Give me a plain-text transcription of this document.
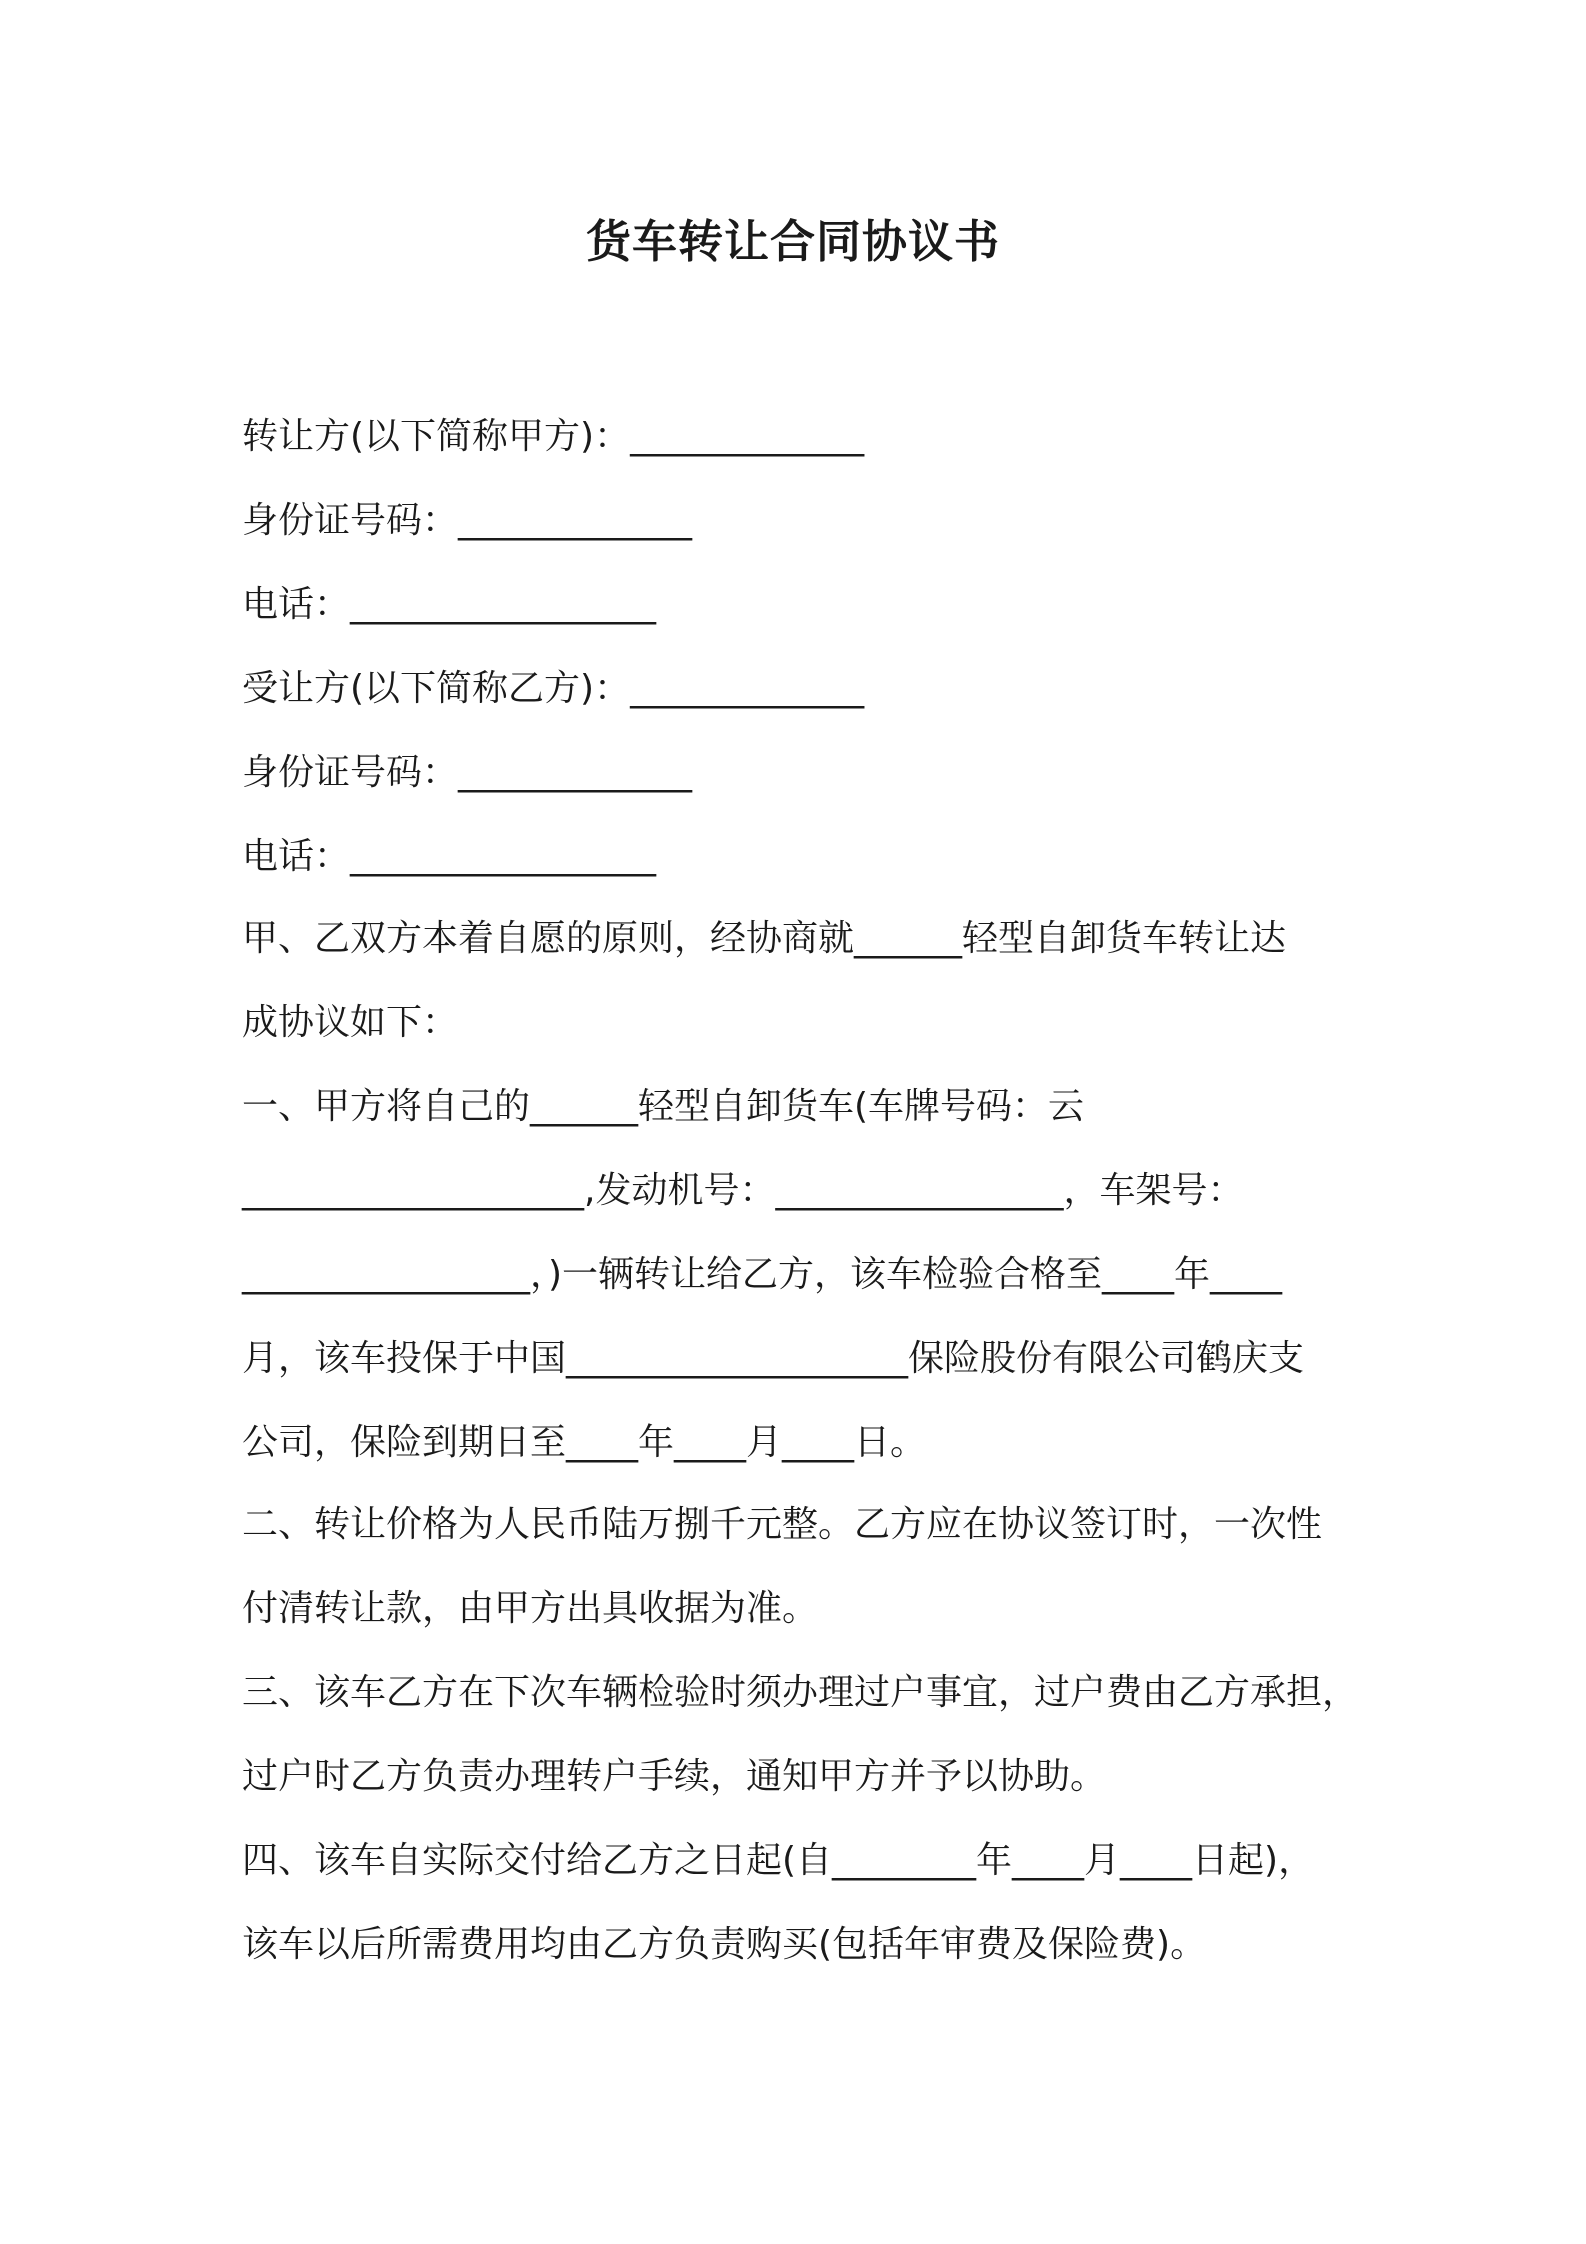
货车转让合同协议书
转让方(以下简称甲方)：_____________
身份证号码：_____________
电话：_________________
受让方(以下简称乙方)：_____________
身份证号码：_____________
电话：_________________
甲、乙双方本着自愿的原则，经协商就______轻型自卸货车转让达
成协议如下：
一、甲方将自己的______轻型自卸货车(车牌号码：云
___________________,发动机号：________________，车架号：
________________，)一辆转让给乙方，该车检验合格至____年____
月，该车投保于中国___________________保险股份有限公司鹤庆支
公司，保险到期日至____年____月____日。
二、转让价格为人民币陆万捌千元整。乙方应在协议签订时，一次性
付清转让款，由甲方出具收据为准。
三、该车乙方在下次车辆检验时须办理过户事宜，过户费由乙方承担，
过户时乙方负责办理转户手续，通知甲方并予以协助。
四、该车自实际交付给乙方之日起(自________年____月____日起)，
该车以后所需费用均由乙方负责购买(包括年审费及保险费)。
